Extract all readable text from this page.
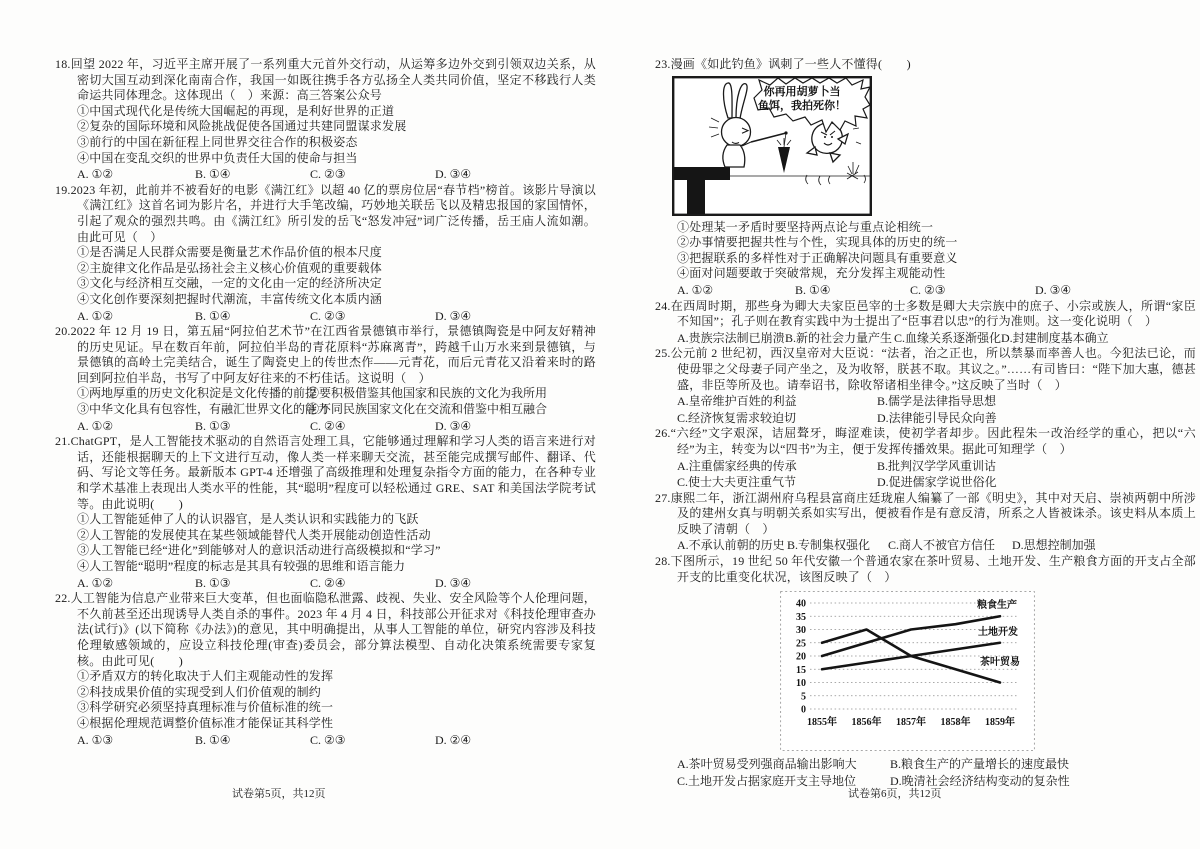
18.回望 2022 年，习近平主席开展了一系列重大元首外交行动，从运筹多边外交到引领双边关系，从密切大国互动到深化南南合作，我国一如既往携手各方弘扬全人类共同价值，坚定不移践行人类命运共同体理念。这体现出（　）来源：高三答案公众号
①中国式现代化是传统大国崛起的再现，是利好世界的正道
②复杂的国际环境和风险挑战促使各国通过共建同盟谋求发展
③前行的中国在新征程上同世界交往合作的积极姿态
④中国在变乱交织的世界中负责任大国的使命与担当
A. ①②	B. ①④	C. ②③	D. ③④
19.2023 年初，此前并不被看好的电影《满江红》以超 40 亿的票房位居“春节档”榜首。该影片导演以《满江红》这首名词为影片名，并进行大手笔改编，巧妙地关联岳飞以及精忠报国的家国情怀，引起了观众的强烈共鸣。由《满江红》所引发的岳飞“怒发冲冠”词广泛传播，岳王庙人流如潮。由此可见（　）
①是否满足人民群众需要是衡量艺术作品价值的根本尺度
②主旋律文化作品是弘扬社会主义核心价值观的重要载体
③文化与经济相互交融，一定的文化由一定的经济所决定
④文化创作要深刻把握时代潮流，丰富传统文化本质内涵
A. ①②	B. ①④	C. ②③	D. ③④
20.2022 年 12 月 19 日，第五届“阿拉伯艺术节”在江西省景德镇市举行，景德镇陶瓷是中阿友好精神的历史见证。早在数百年前，阿拉伯半岛的青花原料“苏麻离青”，跨越千山万水来到景德镇，与景德镇的高岭土完美结合，诞生了陶瓷史上的传世杰作——元青花，而后元青花又沿着来时的路回到阿拉伯半岛，书写了中阿友好往来的不朽佳话。这说明（　）
①两地厚重的历史文化积淀是文化传播的前提
②要积极借鉴其他国家和民族的文化为我所用
③中华文化具有包容性，有融汇世界文化的能力
④不同民族国家文化在交流和借鉴中相互融合
A. ①②	B. ①③	C. ②④	D. ③④
21.ChatGPT，是人工智能技术驱动的自然语言处理工具，它能够通过理解和学习人类的语言来进行对话，还能根据聊天的上下文进行互动，像人类一样来聊天交流，甚至能完成撰写邮件、翻译、代码、写论文等任务。最新版本 GPT-4 还增强了高级推理和处理复杂指令方面的能力，在各种专业和学术基准上表现出人类水平的性能，其“聪明”程度可以轻松通过 GRE、SAT 和美国法学院考试等。由此说明(　　)
①人工智能延伸了人的认识器官，是人类认识和实践能力的飞跃
②人工智能的发展使其在某些领域能替代人类开展能动创造性活动
③人工智能已经“进化”到能够对人的意识活动进行高级模拟和“学习”
④人工智能“聪明”程度的标志是其具有较强的思维和语言能力
A. ①②	B. ①③	C. ②④	D. ③④
22.人工智能为信息产业带来巨大变革，但也面临隐私泄露、歧视、失业、安全风险等个人伦理问题，不久前甚至还出现诱导人类自杀的事件。2023 年 4 月 4 日，科技部公开征求对《科技伦理审查办法(试行)》(以下简称《办法》)的意见，其中明确提出，从事人工智能的单位，研究内容涉及科技伦理敏感领域的，应设立科技伦理(审查)委员会，部分算法模型、自动化决策系统需要专家复核。由此可见(　　)
①矛盾双方的转化取决于人们主观能动性的发挥
②科技成果价值的实现受到人们价值观的制约
③科学研究必须坚持真理标准与价值标准的统一
④根据伦理规范调整价值标准才能保证其科学性
A. ①③	B. ①④	C. ②③	D. ②④
23.漫画《如此钓鱼》讽刺了一些人不懂得(　　)
你再用胡萝卜当
鱼饵，我拍死你！
①处理某一矛盾时要坚持两点论与重点论相统一
②办事情要把握共性与个性，实现具体的历史的统一
③把握联系的多样性对于正确解决问题具有重要意义
④面对问题要敢于突破常规，充分发挥主观能动性
A. ①②	B. ①④	C. ②③	D. ③④
24.在西周时期，那些身为卿大夫家臣邑宰的士多数是卿大夫宗族中的庶子、小宗或族人，所谓“家臣不知国”；孔子则在教育实践中为士提出了“臣事君以忠”的行为准则。这一变化说明（　）
A.贵族宗法制已崩溃 B.新的社会力量产生 C.血缘关系逐渐强化 D.封建制度基本确立
25.公元前 2 世纪初，西汉皇帝对大臣说：“法者，治之正也，所以禁暴而率善人也。今犯法已论，而使毋罪之父母妻子同产坐之，及为收帑，朕甚不取。其议之。”……有司皆曰：“陛下加大惠，德甚盛，非臣等所及也。请奉诏书，除收帑诸相坐律令。”这反映了当时（　）
A.皇帝维护百姓的利益	B.儒学是法律指导思想
C.经济恢复需求较迫切	D.法律能引导民众向善
26.“六经”文字艰深，诘屈聱牙，晦涩难读，使初学者却步。因此程朱一改治经学的重心，把以“六经”为主，转变为以“四书”为主，便于发挥传播效果。据此可知理学（　）
A.注重儒家经典的传承	B.批判汉学学风重训诂
C.使士大夫更注重气节	D.促进儒家学说世俗化
27.康熙二年，浙江湖州府乌程县富商庄廷珑雇人编纂了一部《明史》，其中对天启、崇祯两朝中所涉及的建州女真与明朝关系如实写出，便被看作是有意反清，所系之人皆被诛杀。该史料从本质上反映了清朝（　）
A.不承认前朝的历史 B.专制集权强化 C.商人不被官方信任 D.思想控制加强
28.下图所示，19 世纪 50 年代安徽一个普通农家在茶叶贸易、土地开发、生产粮食方面的开支占全部开支的比重变化状况，该图反映了（　）
0
5
10
15
20
25
30
35
40
1855年 1856年 1857年 1858年 1859年
粮食生产
土地开发
茶叶贸易
A.茶叶贸易受列强商品输出影响大	B.粮食生产的产量增长的速度最快
C.土地开发占据家庭开支主导地位	D.晚清社会经济结构变动的复杂性
试卷第5页，共12页	试卷第6页，共12页
